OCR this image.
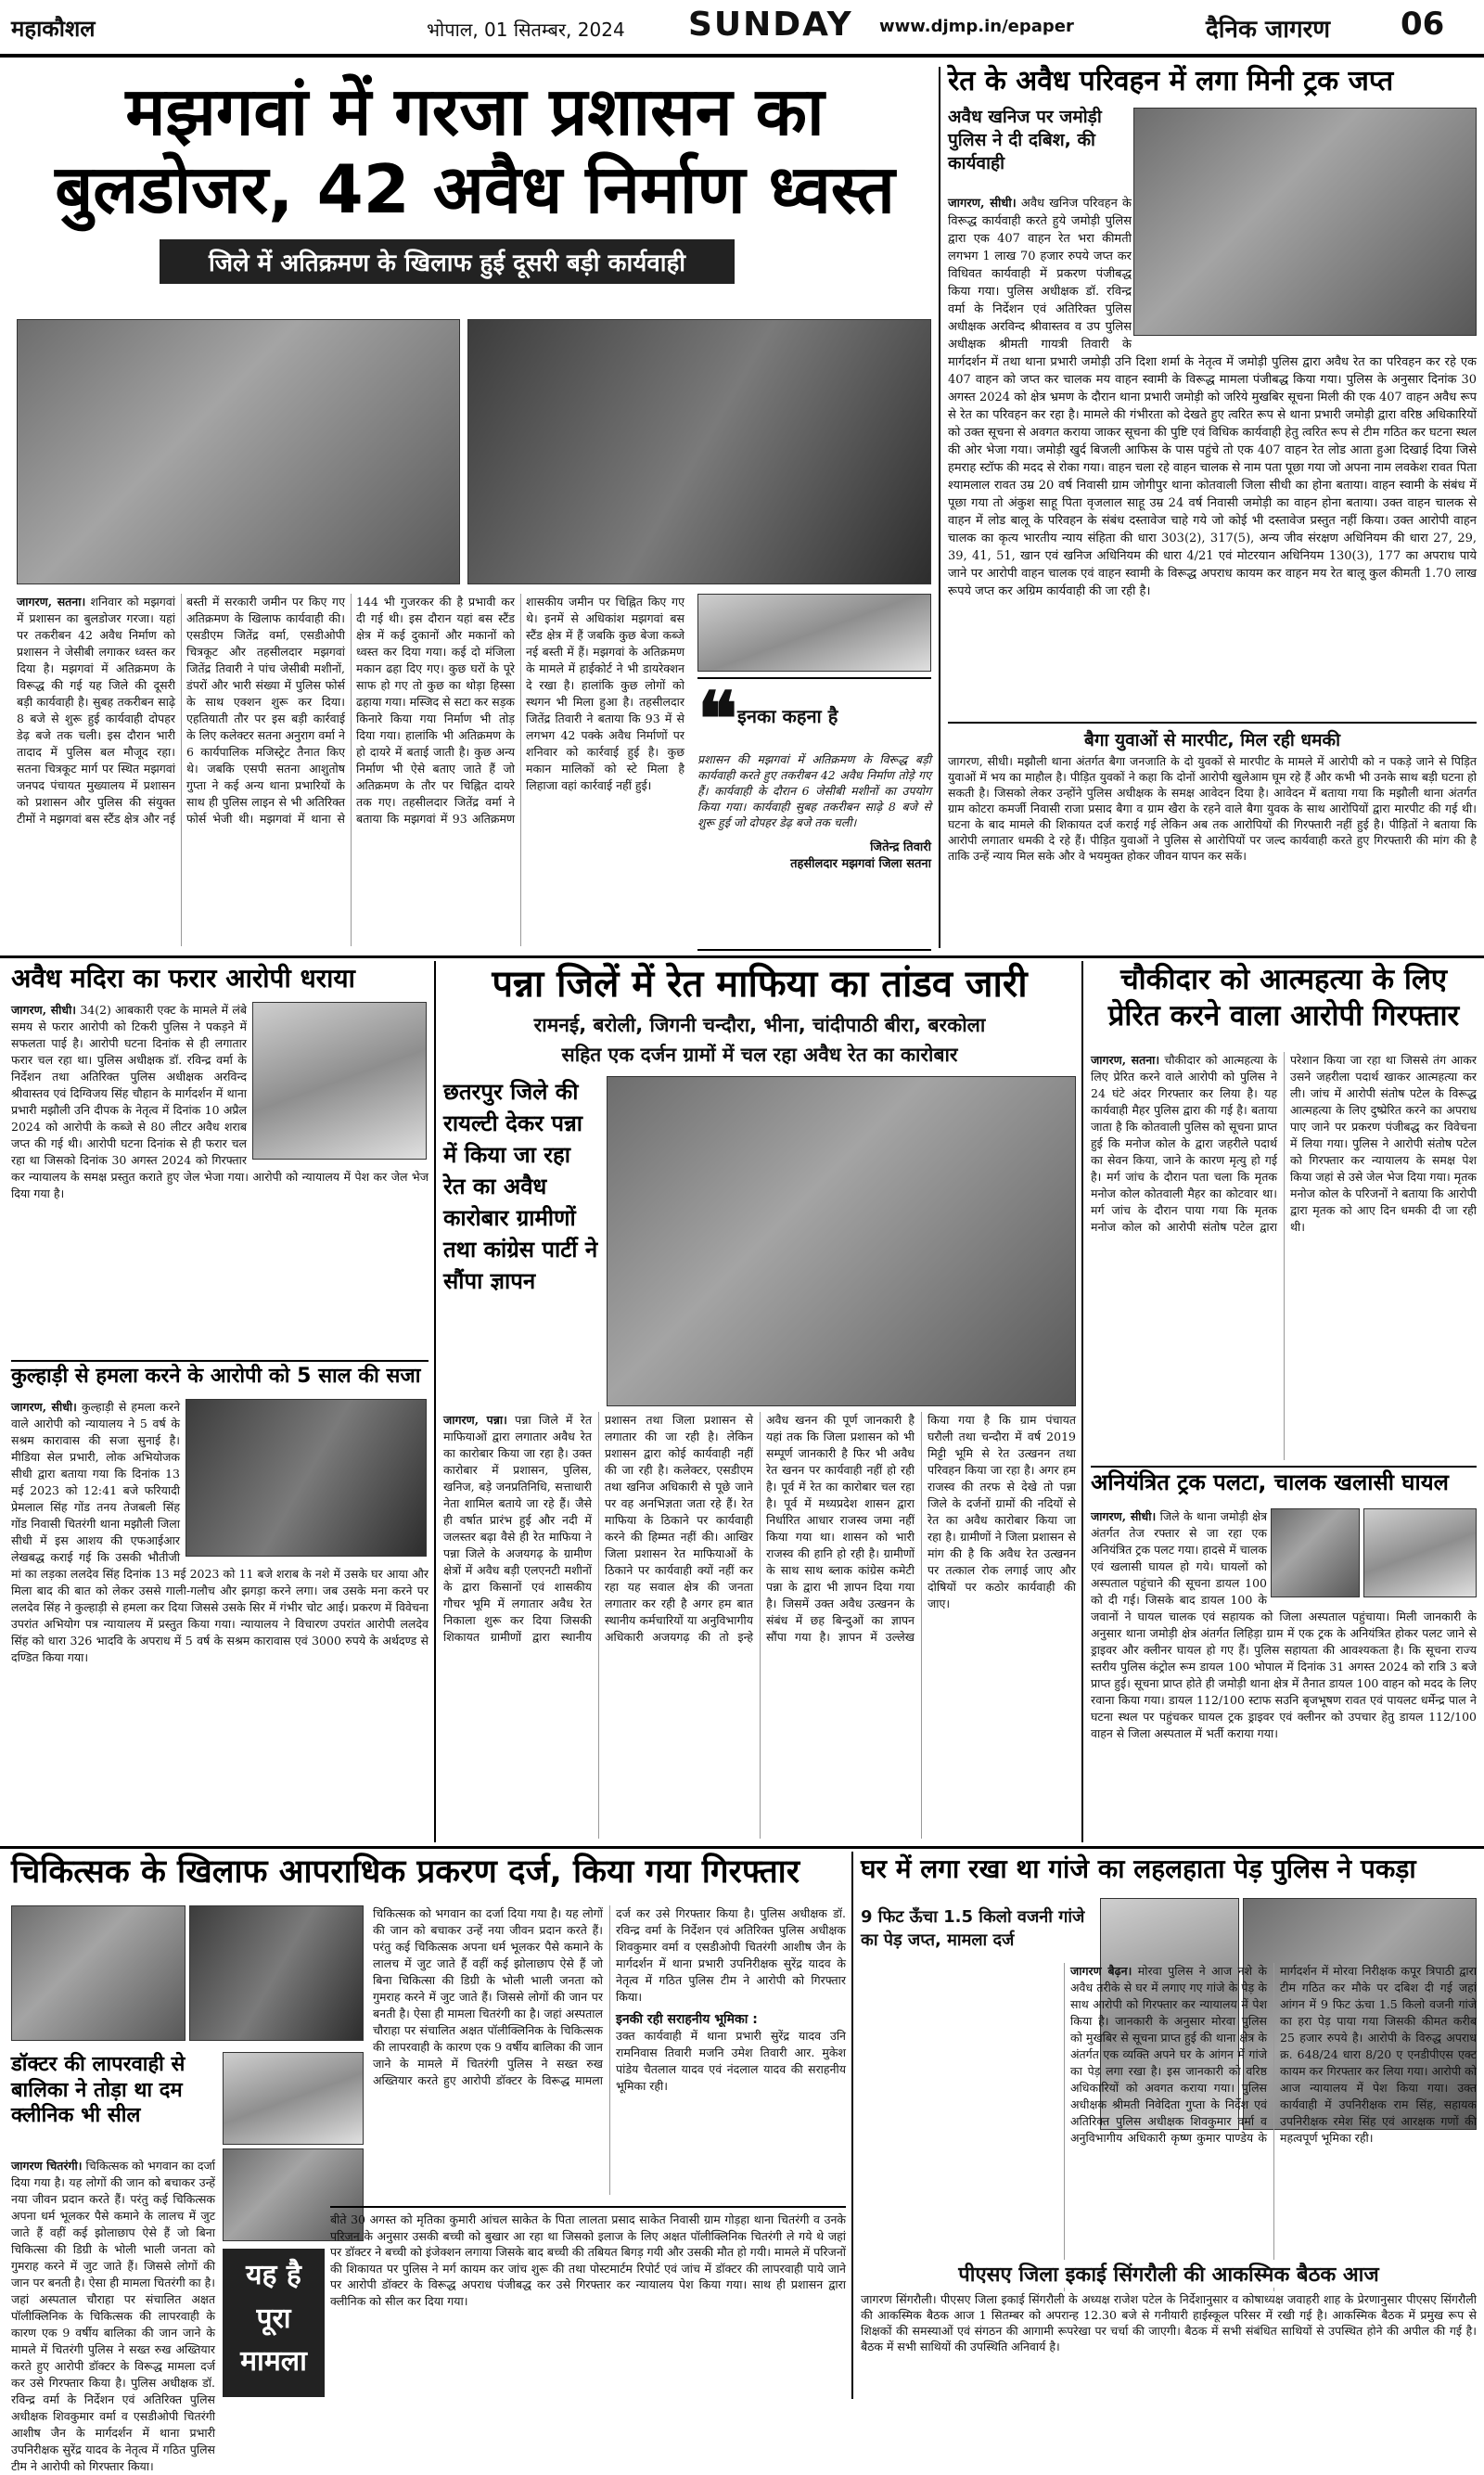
महाकौशल	भोपाल, 01 सितम्बर, 2024 SUNDAY www.djmp.in/epaper	दैनिक जागरण 06
मझगवां में गरजा प्रशासन का
बुलडोजर, 42 अवैध निर्माण ध्वस्त
जिले में अतिक्रमण के खिलाफ हुई दूसरी बड़ी कार्यवाही
जागरण, सतना। शनिवार को मझगवां में प्रशासन का बुलडोजर गरजा। यहां पर तकरीबन 42 अवैध निर्माण को प्रशासन ने जेसीबी लगाकर ध्वस्त कर दिया है। मझगवां में अतिक्रमण के विरूद्ध की गई यह जिले की दूसरी बड़ी कार्यवाही है। सुबह तकरीबन साढ़े 8 बजे से शुरू हुई कार्यवाही दोपहर डेढ़ बजे तक चली। इस दौरान भारी तादाद में पुलिस बल मौजूद रहा। सतना चित्रकूट मार्ग पर स्थित मझगवां जनपद पंचायत मुख्यालय में प्रशासन को प्रशासन और पुलिस की संयुक्त टीमों ने मझगवां बस स्टैंड क्षेत्र और नई बस्ती में सरकारी जमीन पर किए गए अतिक्रमण के खिलाफ कार्यवाही की। एसडीएम जितेंद्र वर्मा, एसडीओपी चित्रकूट और तहसीलदार मझगवां जितेंद्र तिवारी ने पांच जेसीबी मशीनों, डंपरों और भारी संख्या में पुलिस फोर्स के साथ एक्शन शुरू कर दिया। एहतियाती तौर पर इस बड़ी कार्रवाई के लिए कलेक्टर सतना अनुराग वर्मा ने 6 कार्यपालिक मजिस्ट्रेट तैनात किए थे। जबकि एसपी सतना आशुतोष गुप्ता ने कई अन्य थाना प्रभारियों के साथ ही पुलिस लाइन से भी अतिरिक्त फोर्स भेजी थी। मझगवां में थाना से 144 भी गुजरकर की है प्रभावी कर दी गई थी। इस दौरान यहां बस स्टैंड क्षेत्र में कई दुकानों और मकानों को ध्वस्त कर दिया गया। कई दो मंजिला मकान ढहा दिए गए। कुछ घरों के पूरे साफ हो गए तो कुछ का थोड़ा हिस्सा ढहाया गया। मस्जिद से सटा कर सड़क किनारे किया गया निर्माण भी तोड़ दिया गया। हालांकि भी अतिक्रमण के हो दायरे में बताई जाती है। कुछ अन्य निर्माण भी ऐसे बताए जाते हैं जो अतिक्रमण के तौर पर चिह्नित दायरे तक गए। तहसीलदार जितेंद्र वर्मा ने बताया कि मझगवां में 93 अतिक्रमण शासकीय जमीन पर चिह्नित किए गए थे। इनमें से अधिकांश मझगवां बस स्टैंड क्षेत्र में हैं जबकि कुछ बेजा कब्जे नई बस्ती में हैं। मझगवां के अतिक्रमण के मामले में हाईकोर्ट ने भी डायरेक्शन दे रखा है। हालांकि कुछ लोगों को स्थगन भी मिला हुआ है। तहसीलदार जितेंद्र तिवारी ने बताया कि 93 में से लगभग 42 पक्के अवैध निर्माणों पर शनिवार को कार्रवाई हुई है। कुछ मकान मालिकों को स्टे मिला है लिहाजा वहां कार्रवाई नहीं हुई।
❝ इनका कहना है
प्रशासन की मझगवां में अतिक्रमण के विरूद्ध बड़ी कार्यवाही करते हुए तकरीबन 42 अवैध निर्माण तोड़े गए हैं। कार्यवाही के दौरान 6 जेसीबी मशीनों का उपयोग किया गया। कार्यवाही सुबह तकरीबन साढ़े 8 बजे से शुरू हुई जो दोपहर डेढ़ बजे तक चली।
जितेन्द्र तिवारी
तहसीलदार मझगवां जिला सतना
रेत के अवैध परिवहन में लगा मिनी ट्रक जप्त
अवैध खनिज पर जमोड़ी पुलिस ने दी दबिश, की कार्यवाही
जागरण, सीधी। अवैध खनिज परिवहन के विरूद्ध कार्यवाही करते हुये जमोड़ी पुलिस द्वारा एक 407 वाहन रेत भरा कीमती लगभग 1 लाख 70 हजार रुपये जप्त कर विधिवत कार्यवाही में प्रकरण पंजीबद्ध किया गया। पुलिस अधीक्षक डॉ. रविन्द्र वर्मा के निर्देशन एवं अतिरिक्त पुलिस अधीक्षक अरविन्द श्रीवास्तव व उप पुलिस अधीक्षक श्रीमती गायत्री तिवारी के मार्गदर्शन में तथा थाना प्रभारी जमोड़ी उनि दिशा शर्मा के नेतृत्व में जमोड़ी पुलिस द्वारा अवैध रेत का परिवहन कर रहे एक 407 वाहन को जप्त कर चालक मय वाहन स्वामी के विरूद्ध मामला पंजीबद्ध किया गया। पुलिस के अनुसार दिनांक 30 अगस्त 2024 को क्षेत्र भ्रमण के दौरान थाना प्रभारी जमोड़ी को जरिये मुखबिर सूचना मिली की एक 407 वाहन अवैध रूप से रेत का परिवहन कर रहा है। मामले की गंभीरता को देखते हुए त्वरित रूप से थाना प्रभारी जमोड़ी द्वारा वरिष्ठ अधिकारियों को उक्त सूचना से अवगत कराया जाकर सूचना की पुष्टि एवं विधिक कार्यवाही हेतु त्वरित रूप से टीम गठित कर घटना स्थल की ओर भेजा गया। जमोड़ी खुर्द बिजली आफिस के पास पहुंचे तो एक 407 वाहन रेत लोड आता हुआ दिखाई दिया जिसे हमराह स्टॉफ की मदद से रोका गया। वाहन चला रहे वाहन चालक से नाम पता पूछा गया जो अपना नाम लवकेश रावत पिता श्यामलाल रावत उम्र 20 वर्ष निवासी ग्राम जोगीपुर थाना कोतवाली जिला सीधी का होना बताया। वाहन स्वामी के संबंध में पूछा गया तो अंकुश साहू पिता वृजलाल साहू उम्र 24 वर्ष निवासी जमोड़ी का वाहन होना बताया। उक्त वाहन चालक से वाहन में लोड बालू के परिवहन के संबंध दस्तावेज चाहे गये जो कोई भी दस्तावेज प्रस्तुत नहीं किया। उक्त आरोपी वाहन चालक का कृत्य भारतीय न्याय संहिता की धारा 303(2), 317(5), अन्य जीव संरक्षण अधिनियम की धारा 27, 29, 39, 41, 51, खान एवं खनिज अधिनियम की धारा 4/21 एवं मोटरयान अधिनियम 130(3), 177 का अपराध पाये जाने पर आरोपी वाहन चालक एवं वाहन स्वामी के विरूद्ध अपराध कायम कर वाहन मय रेत बालू कुल कीमती 1.70 लाख रूपये जप्त कर अग्रिम कार्यवाही की जा रही है।
बैगा युवाओं से मारपीट, मिल रही धमकी
जागरण, सीधी। मझौली थाना अंतर्गत बैगा जनजाति के दो युवकों से मारपीट के मामले में आरोपी को न पकड़े जाने से पिड़ित युवाओं में भय का माहौल है। पीड़ित युवकों ने कहा कि दोनों आरोपी खुलेआम घूम रहे हैं और कभी भी उनके साथ बड़ी घटना हो सकती है। जिसको लेकर उन्होंने पुलिस अधीक्षक के समक्ष आवेदन दिया है। आवेदन में बताया गया कि मझौली थाना अंतर्गत ग्राम कोटरा कमर्जी निवासी राजा प्रसाद बैगा व ग्राम खैरा के रहने वाले बैगा युवक के साथ आरोपियों द्वारा मारपीट की गई थी। घटना के बाद मामले की शिकायत दर्ज कराई गई लेकिन अब तक आरोपियों की गिरफ्तारी नहीं हुई है। पीड़ितों ने बताया कि आरोपी लगातार धमकी दे रहे हैं। पीड़ित युवाओं ने पुलिस से आरोपियों पर जल्द कार्यवाही करते हुए गिरफ्तारी की मांग की है ताकि उन्हें न्याय मिल सके और वे भयमुक्त होकर जीवन यापन कर सकें।
अवैध मदिरा का फरार आरोपी धराया
जागरण, सीधी। 34(2) आबकारी एक्ट के मामले में लंबे समय से फरार आरोपी को टिकरी पुलिस ने पकड़ने में सफलता पाई है। आरोपी घटना दिनांक से ही लगातार फरार चल रहा था। पुलिस अधीक्षक डॉ. रविन्द्र वर्मा के निर्देशन तथा अतिरिक्त पुलिस अधीक्षक अरविन्द श्रीवास्तव एवं दिग्विजय सिंह चौहान के मार्गदर्शन में थाना प्रभारी मझौली उनि दीपक के नेतृत्व में दिनांक 10 अप्रैल 2024 को आरोपी के कब्जे से 80 लीटर अवैध शराब जप्त की गई थी। आरोपी घटना दिनांक से ही फरार चल रहा था जिसको दिनांक 30 अगस्त 2024 को गिरफ्तार कर न्यायालय के समक्ष प्रस्तुत कराते हुए जेल भेजा गया। आरोपी को न्यायालय में पेश कर जेल भेज दिया गया है।
कुल्हाड़ी से हमला करने के आरोपी को 5 साल की सजा
जागरण, सीधी। कुल्हाड़ी से हमला करने वाले आरोपी को न्यायालय ने 5 वर्ष के सश्रम कारावास की सजा सुनाई है। मीडिया सेल प्रभारी, लोक अभियोजक सीधी द्वारा बताया गया कि दिनांक 13 मई 2023 को 12:41 बजे फरियादी प्रेमलाल सिंह गोंड तनय तेजबली सिंह गोंड निवासी चितरंगी थाना मझौली जिला सीधी में इस आशय की एफआईआर लेखबद्ध कराई गई कि उसकी भौतीजी मां का लड़का ललदेव सिंह दिनांक 13 मई 2023 को 11 बजे शराब के नशे में उसके घर आया और मिला बाद की बात को लेकर उससे गाली-गलौच और झगड़ा करने लगा। जब उसके मना करने पर ललदेव सिंह ने कुल्हाड़ी से हमला कर दिया जिससे उसके सिर में गंभीर चोट आई। प्रकरण में विवेचना उपरांत अभियोग पत्र न्यायालय में प्रस्तुत किया गया। न्यायालय ने विचारण उपरांत आरोपी ललदेव सिंह को धारा 326 भादवि के अपराध में 5 वर्ष के सश्रम कारावास एवं 3000 रुपये के अर्थदण्ड से दण्डित किया गया।
पन्ना जिलें में रेत माफिया का तांडव जारी
रामनई, बरोली, जिगनी चन्दौरा, भीना, चांदीपाठी बीरा, बरकोला
सहित एक दर्जन ग्रामों में चल रहा अवैध रेत का कारोबार
छतरपुर जिले की रायल्टी देकर पन्ना में किया जा रहा रेत का अवैध कारोबार ग्रामीणों तथा कांग्रेस पार्टी ने सौंपा ज्ञापन
जागरण, पन्ना। पन्ना जिले में रेत माफियाओं द्वारा लगातार अवैध रेत का कारोबार किया जा रहा है। उक्त कारोबार में प्रशासन, पुलिस, खनिज, बड़े जनप्रतिनिधि, सत्ताधारी नेता शामिल बताये जा रहे हैं। जैसे ही वर्षात प्रारंभ हुई और नदी में जलस्तर बढ़ा वैसे ही रेत माफिया ने पन्ना जिले के अजयगढ़ के ग्रामीण क्षेत्रों में अवैध बड़ी एलएनटी मशीनों के द्वारा किसानों एवं शासकीय गौचर भूमि में लगातार अवैध रेत निकाला शुरू कर दिया जिसकी शिकायत ग्रामीणों द्वारा स्थानीय प्रशासन तथा जिला प्रशासन से लगातार की जा रही है। लेकिन प्रशासन द्वारा कोई कार्यवाही नहीं की जा रही है। कलेक्टर, एसडीएम तथा खनिज अधिकारी से पूछे जाने पर वह अनभिज्ञता जता रहे हैं। रेत माफिया के ठिकाने पर कार्यवाही करने की हिम्मत नहीं की। आखिर जिला प्रशासन रेत माफियाओं के ठिकाने पर कार्यवाही क्यों नहीं कर रहा यह सवाल क्षेत्र की जनता लगातार कर रही है अगर हम बात स्थानीय कर्मचारियों या अनुविभागीय अधिकारी अजयगढ़ की तो इन्हे अवैध खनन की पूर्ण जानकारी है यहां तक कि जिला प्रशासन को भी सम्पूर्ण जानकारी है फिर भी अवैध रेत खनन पर कार्यवाही नहीं हो रही है। पूर्व में रेत का कारोबार चल रहा है। पूर्व में मध्यप्रदेश शासन द्वारा निर्धारित आधार राजस्व जमा नहीं किया गया था। शासन को भारी राजस्व की हानि हो रही है। ग्रामीणों के साथ साथ ब्लाक कांग्रेस कमेटी पन्ना के द्वारा भी ज्ञापन दिया गया है। जिसमें उक्त अवैध उत्खनन के संबंध में छह बिन्दुओं का ज्ञापन सौंपा गया है। ज्ञापन में उल्लेख किया गया है कि ग्राम पंचायत घरौली तथा चन्दौरा में वर्ष 2019 मिट्टी भूमि से रेत उत्खनन तथा परिवहन किया जा रहा है। अगर हम राजस्व की तरफ से देखे तो पन्ना जिले के दर्जनों ग्रामों की नदियों से रेत का अवैध कारोबार किया जा रहा है। ग्रामीणों ने जिला प्रशासन से मांग की है कि अवैध रेत उत्खनन पर तत्काल रोक लगाई जाए और दोषियों पर कठोर कार्यवाही की जाए।
चौकीदार को आत्महत्या के लिए
प्रेरित करने वाला आरोपी गिरफ्तार
जागरण, सतना। चौकीदार को आत्महत्या के लिए प्रेरित करने वाले आरोपी को पुलिस ने 24 घंटे अंदर गिरफ्तार कर लिया है। यह कार्यवाही मैहर पुलिस द्वारा की गई है। बताया जाता है कि कोतवाली पुलिस को सूचना प्राप्त हुई कि मनोज कोल के द्वारा जहरीले पदार्थ का सेवन किया, जाने के कारण मृत्यु हो गई है। मर्ग जांच के दौरान पता चला कि मृतक मनोज कोल कोतवाली मैहर का कोटवार था। मर्ग जांच के दौरान पाया गया कि मृतक मनोज कोल को आरोपी संतोष पटेल द्वारा परेशान किया जा रहा था जिससे तंग आकर उसने जहरीला पदार्थ खाकर आत्महत्या कर ली। जांच में आरोपी संतोष पटेल के विरूद्ध आत्महत्या के लिए दुष्प्रेरित करने का अपराध पाए जाने पर प्रकरण पंजीबद्ध कर विवेचना में लिया गया। पुलिस ने आरोपी संतोष पटेल को गिरफ्तार कर न्यायालय के समक्ष पेश किया जहां से उसे जेल भेज दिया गया। मृतक मनोज कोल के परिजनों ने बताया कि आरोपी द्वारा मृतक को आए दिन धमकी दी जा रही थी।
अनियंत्रित ट्रक पलटा, चालक खलासी घायल
जागरण, सीधी। जिले के थाना जमोड़ी क्षेत्र अंतर्गत तेज रफ्तार से जा रहा एक अनियंत्रित ट्रक पलट गया। हादसे में चालक एवं खलासी घायल हो गये। घायलों को अस्पताल पहुंचाने की सूचना डायल 100 को दी गई। जिसके बाद डायल 100 के जवानों ने घायल चालक एवं सहायक को जिला अस्पताल पहुंचाया। मिली जानकारी के अनुसार थाना जमोड़ी क्षेत्र अंतर्गत लिहिड़ा ग्राम में एक ट्रक के अनियंत्रित होकर पलट जाने से ड्राइवर और क्लीनर घायल हो गए हैं। पुलिस सहायता की आवश्यकता है। कि सूचना राज्य स्तरीय पुलिस कंट्रोल रूम डायल 100 भोपाल में दिनांक 31 अगस्त 2024 को रात्रि 3 बजे प्राप्त हुई। सूचना प्राप्त होते ही जमोड़ी थाना क्षेत्र में तैनात डायल 100 वाहन को मदद के लिए रवाना किया गया। डायल 112/100 स्टाफ सउनि बृजभूषण रावत एवं पायलट धर्मेन्द्र पाल ने घटना स्थल पर पहुंचकर घायल ट्रक ड्राइवर एवं क्लीनर को उपचार हेतु डायल 112/100 वाहन से जिला अस्पताल में भर्ती कराया गया।
चिकित्सक के खिलाफ आपराधिक प्रकरण दर्ज, किया गया गिरफ्तार
डॉक्टर की लापरवाही से बालिका ने तोड़ा था दम क्लीनिक भी सील
जागरण चितरंगी। चिकित्सक को भगवान का दर्जा दिया गया है। यह लोगों की जान को बचाकर उन्हें नया जीवन प्रदान करते हैं। परंतु कई चिकित्सक अपना धर्म भूलकर पैसे कमाने के लालच में जुट जाते हैं वहीं कई झोलाछाप ऐसे हैं जो बिना चिकित्सा की डिग्री के भोली भाली जनता को गुमराह करने में जुट जाते हैं। जिससे लोगों की जान पर बनती है। ऐसा ही मामला चितरंगी का है। जहां अस्पताल चौराहा पर संचालित अक्षत पॉलीक्लिनिक के चिकित्सक की लापरवाही के कारण एक 9 वर्षीय बालिका की जान जाने के मामले में चितरंगी पुलिस ने सख्त रुख अख्तियार करते हुए आरोपी डॉक्टर के विरूद्ध मामला दर्ज कर उसे गिरफ्तार किया है। पुलिस अधीक्षक डॉ. रविन्द्र वर्मा के निर्देशन एवं अतिरिक्त पुलिस अधीक्षक शिवकुमार वर्मा व एसडीओपी चितरंगी आशीष जैन के मार्गदर्शन में थाना प्रभारी उपनिरीक्षक सुरेंद्र यादव के नेतृत्व में गठित पुलिस टीम ने आरोपी को गिरफ्तार किया।
चिकित्सक को भगवान का दर्जा दिया गया है। यह लोगों की जान को बचाकर उन्हें नया जीवन प्रदान करते हैं। परंतु कई चिकित्सक अपना धर्म भूलकर पैसे कमाने के लालच में जुट जाते हैं वहीं कई झोलाछाप ऐसे हैं जो बिना चिकित्सा की डिग्री के भोली भाली जनता को गुमराह करने में जुट जाते हैं। जिससे लोगों की जान पर बनती है। ऐसा ही मामला चितरंगी का है। जहां अस्पताल चौराहा पर संचालित अक्षत पॉलीक्लिनिक के चिकित्सक की लापरवाही के कारण एक 9 वर्षीय बालिका की जान जाने के मामले में चितरंगी पुलिस ने सख्त रुख अख्तियार करते हुए आरोपी डॉक्टर के विरूद्ध मामला दर्ज कर उसे गिरफ्तार किया है। पुलिस अधीक्षक डॉ. रविन्द्र वर्मा के निर्देशन एवं अतिरिक्त पुलिस अधीक्षक शिवकुमार वर्मा व एसडीओपी चितरंगी आशीष जैन के मार्गदर्शन में थाना प्रभारी उपनिरीक्षक सुरेंद्र यादव के नेतृत्व में गठित पुलिस टीम ने आरोपी को गिरफ्तार किया।
इनकी रही सराहनीय भूमिका :
उक्त कार्यवाही में थाना प्रभारी सुरेंद्र यादव उनि रामनिवास तिवारी मजनि उमेश तिवारी आर. मुकेश पांडेय चैतलाल यादव एवं नंदलाल यादव की सराहनीय भूमिका रही।
यह है
पूरा
मामला
बीते 30 अगस्त को मृतिका कुमारी आंचल साकेत के पिता लालता प्रसाद साकेत निवासी ग्राम गोड़हा थाना चितरंगी व उनके परिजन के अनुसार उसकी बच्ची को बुखार आ रहा था जिसको इलाज के लिए अक्षत पॉलीक्लिनिक चितरंगी ले गये थे जहां पर डॉक्टर ने बच्ची को इंजेक्शन लगाया जिसके बाद बच्ची की तबियत बिगड़ गयी और उसकी मौत हो गयी। मामले में परिजनों की शिकायत पर पुलिस ने मर्ग कायम कर जांच शुरू की तथा पोस्टमार्टम रिपोर्ट एवं जांच में डॉक्टर की लापरवाही पाये जाने पर आरोपी डॉक्टर के विरूद्ध अपराध पंजीबद्ध कर उसे गिरफ्तार कर न्यायालय पेश किया गया। साथ ही प्रशासन द्वारा क्लीनिक को सील कर दिया गया।
घर में लगा रखा था गांजे का लहलहाता पेड़ पुलिस ने पकड़ा
9 फिट ऊँचा 1.5 किलो वजनी गांजे का पेड़ जप्त, मामला दर्ज
जागरण बैढ़न। मोरवा पुलिस ने आज नशे के अवैध तरीके से घर में लगाए गए गांजे के पेड़ के साथ आरोपी को गिरफ्तार कर न्यायालय में पेश किया है। जानकारी के अनुसार मोरवा पुलिस को मुखबिर से सूचना प्राप्त हुई की थाना क्षेत्र के अंतर्गत एक व्यक्ति अपने घर के आंगन में गांजे का पेड़ लगा रखा है। इस जानकारी को वरिष्ठ अधिकारियों को अवगत कराया गया। पुलिस अधीक्षक श्रीमती निवेदिता गुप्ता के निर्देश एवं अतिरिक्त पुलिस अधीक्षक शिवकुमार वर्मा व अनुविभागीय अधिकारी कृष्ण कुमार पाण्डेय के मार्गदर्शन में मोरवा निरीक्षक कपूर त्रिपाठी द्वारा टीम गठित कर मौके पर दबिश दी गई जहां आंगन में 9 फिट ऊंचा 1.5 किलो वजनी गांजे का हरा पेड़ पाया गया जिसकी कीमत करीब 25 हजार रुपये है। आरोपी के विरुद्ध अपराध क्र. 648/24 धारा 8/20 ए एनडीपीएस एक्ट कायम कर गिरफ्तार कर लिया गया। आरोपी को आज न्यायालय में पेश किया गया। उक्त कार्यवाही में उपनिरीक्षक राम सिंह, सहायक उपनिरीक्षक रमेश सिंह एवं आरक्षक गणों की महत्वपूर्ण भूमिका रही।
पीएसए जिला इकाई सिंगरौली की आकस्मिक बैठक आज
जागरण सिंगरौली। पीएसए जिला इकाई सिंगरौली के अध्यक्ष राजेश पटेल के निर्देशानुसार व कोषाध्यक्ष जवाहरी शाह के प्रेरणानुसार पीएसए सिंगरौली की आकस्मिक बैठक आज 1 सितम्बर को अपरान्ह 12.30 बजे से गनीयारी हाईस्कूल परिसर में रखी गई है। आकस्मिक बैठक में प्रमुख रूप से शिक्षकों की समस्याओं एवं संगठन की आगामी रूपरेखा पर चर्चा की जाएगी। बैठक में सभी संबंधित साथियों से उपस्थित होने की अपील की गई है। बैठक में सभी साथियों की उपस्थिति अनिवार्य है।
